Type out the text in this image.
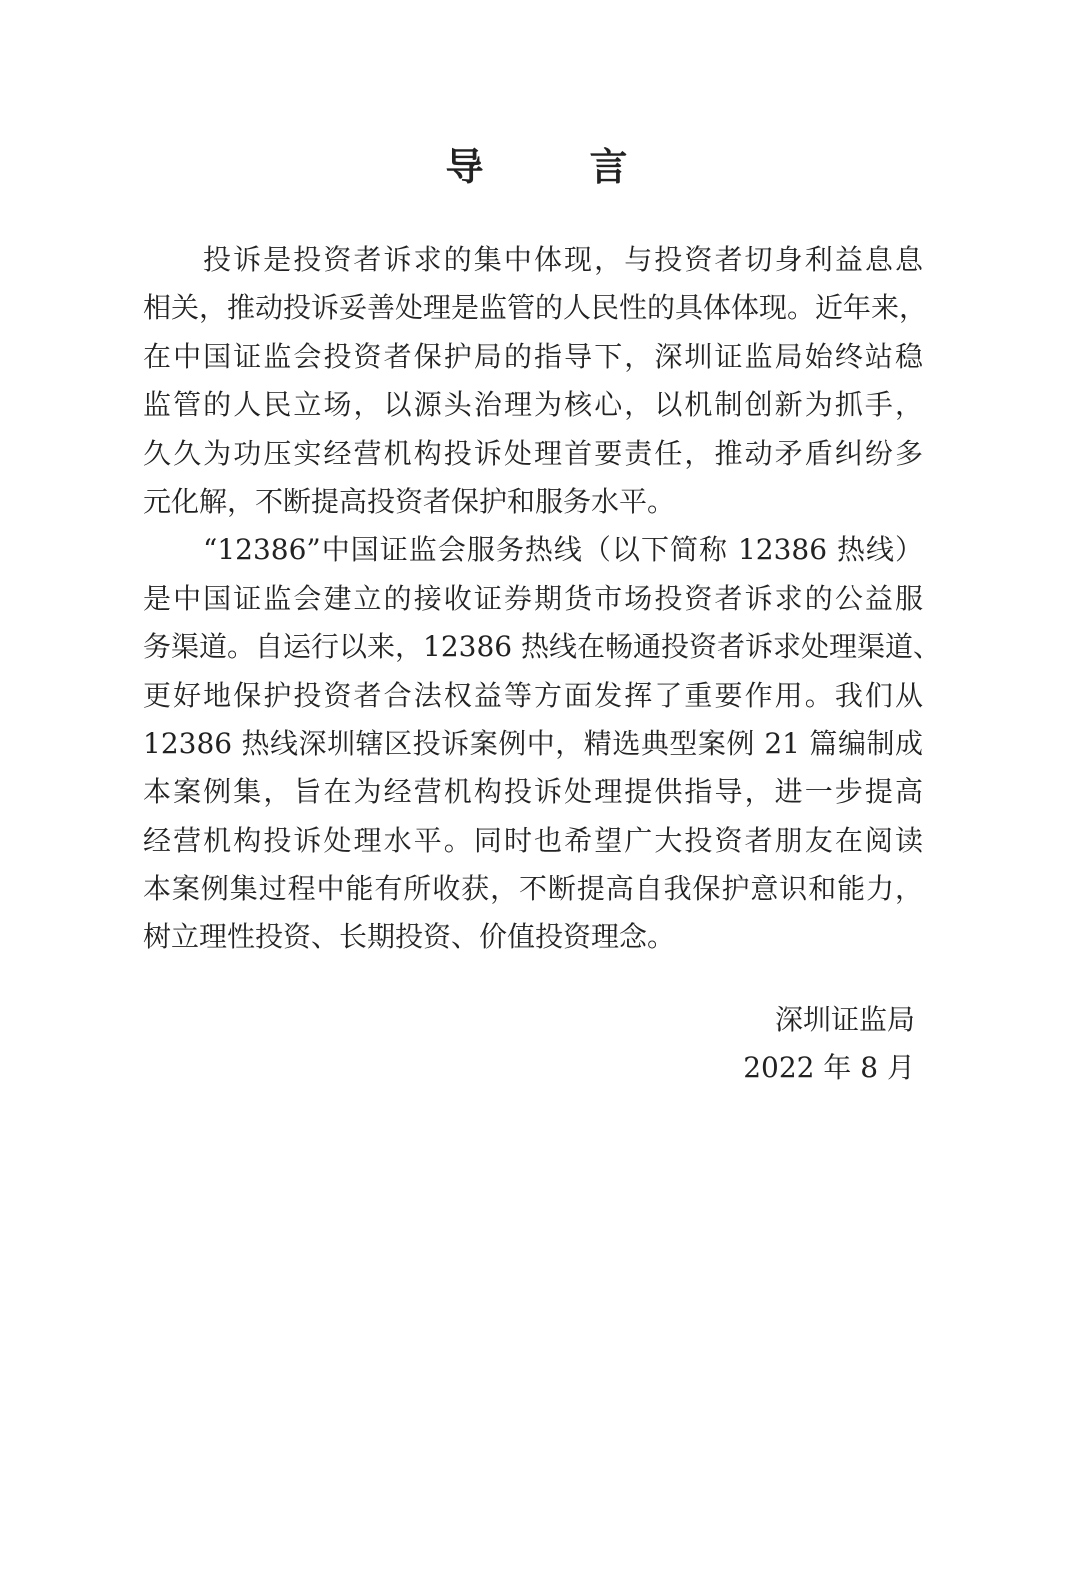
导　言
投诉是投资者诉求的集中体现，与投资者切身利益息息
相关，推动投诉妥善处理是监管的人民性的具体体现。近年来，
在中国证监会投资者保护局的指导下，深圳证监局始终站稳
监管的人民立场，以源头治理为核心，以机制创新为抓手，
久久为功压实经营机构投诉处理首要责任，推动矛盾纠纷多
元化解，不断提高投资者保护和服务水平。
“12386”中国证监会服务热线（以下简称 12386 热线）
是中国证监会建立的接收证券期货市场投资者诉求的公益服
务渠道。自运行以来，12386 热线在畅通投资者诉求处理渠道、
更好地保护投资者合法权益等方面发挥了重要作用。我们从
12386 热线深圳辖区投诉案例中，精选典型案例 21 篇编制成
本案例集，旨在为经营机构投诉处理提供指导，进一步提高
经营机构投诉处理水平。同时也希望广大投资者朋友在阅读
本案例集过程中能有所收获，不断提高自我保护意识和能力，
树立理性投资、长期投资、价值投资理念。
深圳证监局
2022 年 8 月
